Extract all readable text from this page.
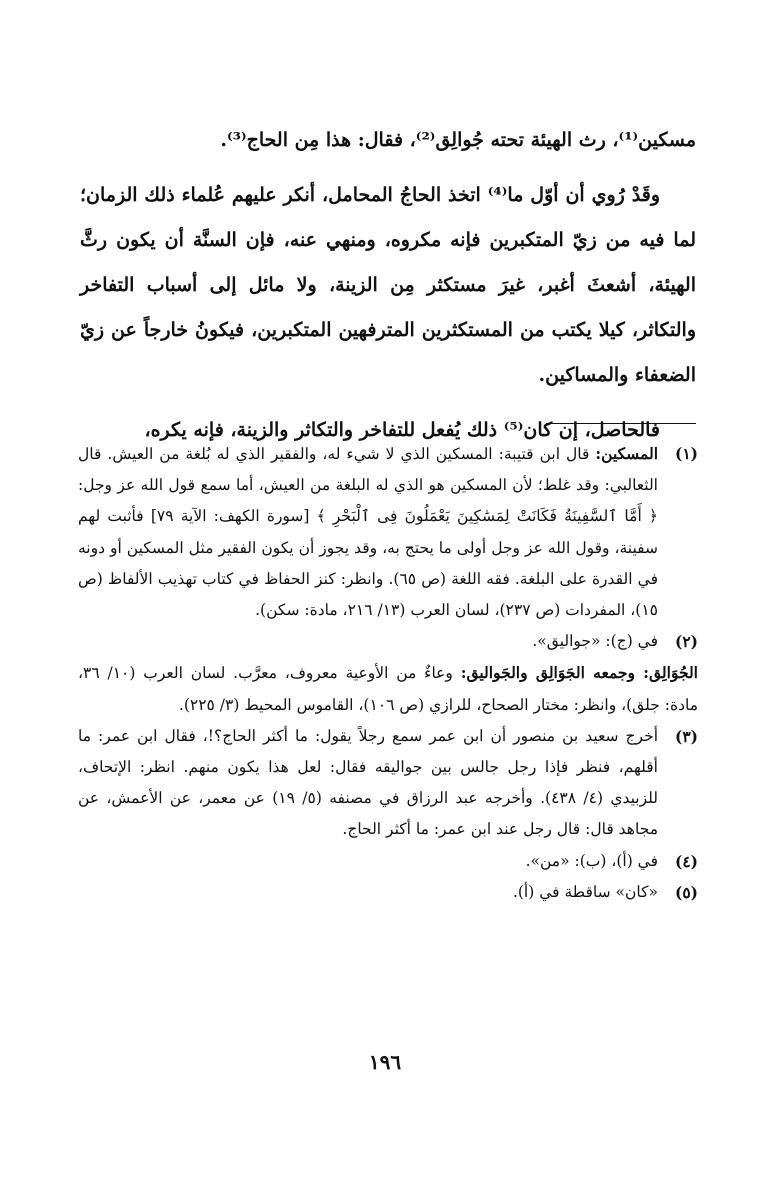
مسكين⁽¹⁾، رث الهيئة تحته جُوالِق⁽²⁾، فقال: هذا مِن الحاج⁽³⁾.

وقَدْ رُوي أن أوّل ما⁽⁴⁾ اتخذ الحاجُ المحامل، أنكر عليهم عُلماء ذلك الزمان؛ لما فيه من زيّ المتكبرين فإنه مكروه، ومنهي عنه، فإن السنَّة أن يكون رثَّ الهيئة، أشعثَ أغبر، غيرَ مستكثر مِن الزينة، ولا مائل إلى أسباب التفاخر والتكاثر، كيلا يكتب من المستكثرين المترفهين المتكبرين، فيكونُ خارجاً عن زيّ الضعفاء والمساكين.

فالحاصل، إن كان⁽⁵⁾ ذلك يُفعل للتفاخر والتكاثر والزينة، فإنه يكره،

(١)
المسكين: قال ابن قتيبة: المسكين الذي لا شيء له، والفقير الذي له بُلغة من العيش. قال الثعالبي: وقد غلط؛ لأن المسكين هو الذي له البلغة من العيش، أما سمع قول الله عز وجل: ﴿ أَمَّا ٱلسَّفِينَةُ فَكَانَتْ لِمَسَٰكِينَ يَعْمَلُونَ فِى ٱلْبَحْرِ ﴾ [سورة الكهف: الآية ٧٩] فأثبت لهم سفينة، وقول الله عز وجل أولى ما يحتج به، وقد يجوز أن يكون الفقير مثل المسكين أو دونه في القدرة على البلغة. فقه اللغة (ص ٦٥). وانظر: كنز الحفاظ في كتاب تهذيب الألفاظ (ص ١٥)، المفردات (ص ٢٣٧)، لسان العرب (١٣/ ٢١٦، مادة: سكن).
(٢)
في (ج): «جواليق».
الجُوَالِق: وجمعه الجَوَالِق والجَواليق: وعاءٌ من الأوعية معروف، معرَّب. لسان العرب (١٠/ ٣٦، مادة: جلق)، وانظر: مختار الصحاح، للرازي (ص ١٠٦)، القاموس المحيط (٣/ ٢٢٥).
(٣)
أخرج سعيد بن منصور أن ابن عمر سمع رجلاً يقول: ما أكثر الحاج؟!، فقال ابن عمر: ما أقلهم، فنظر فإذا رجل جالس بين جواليقه فقال: لعل هذا يكون منهم. انظر: الإتحاف، للزبيدي (٤/ ٤٣٨). وأخرجه عبد الرزاق في مصنفه (٥/ ١٩) عن معمر، عن الأعمش، عن مجاهد قال: قال رجل عند ابن عمر: ما أكثر الحاج.
(٤)
في (أ)، (ب): «من».
(٥)
«كان» ساقطة في (أ).
١٩٦
